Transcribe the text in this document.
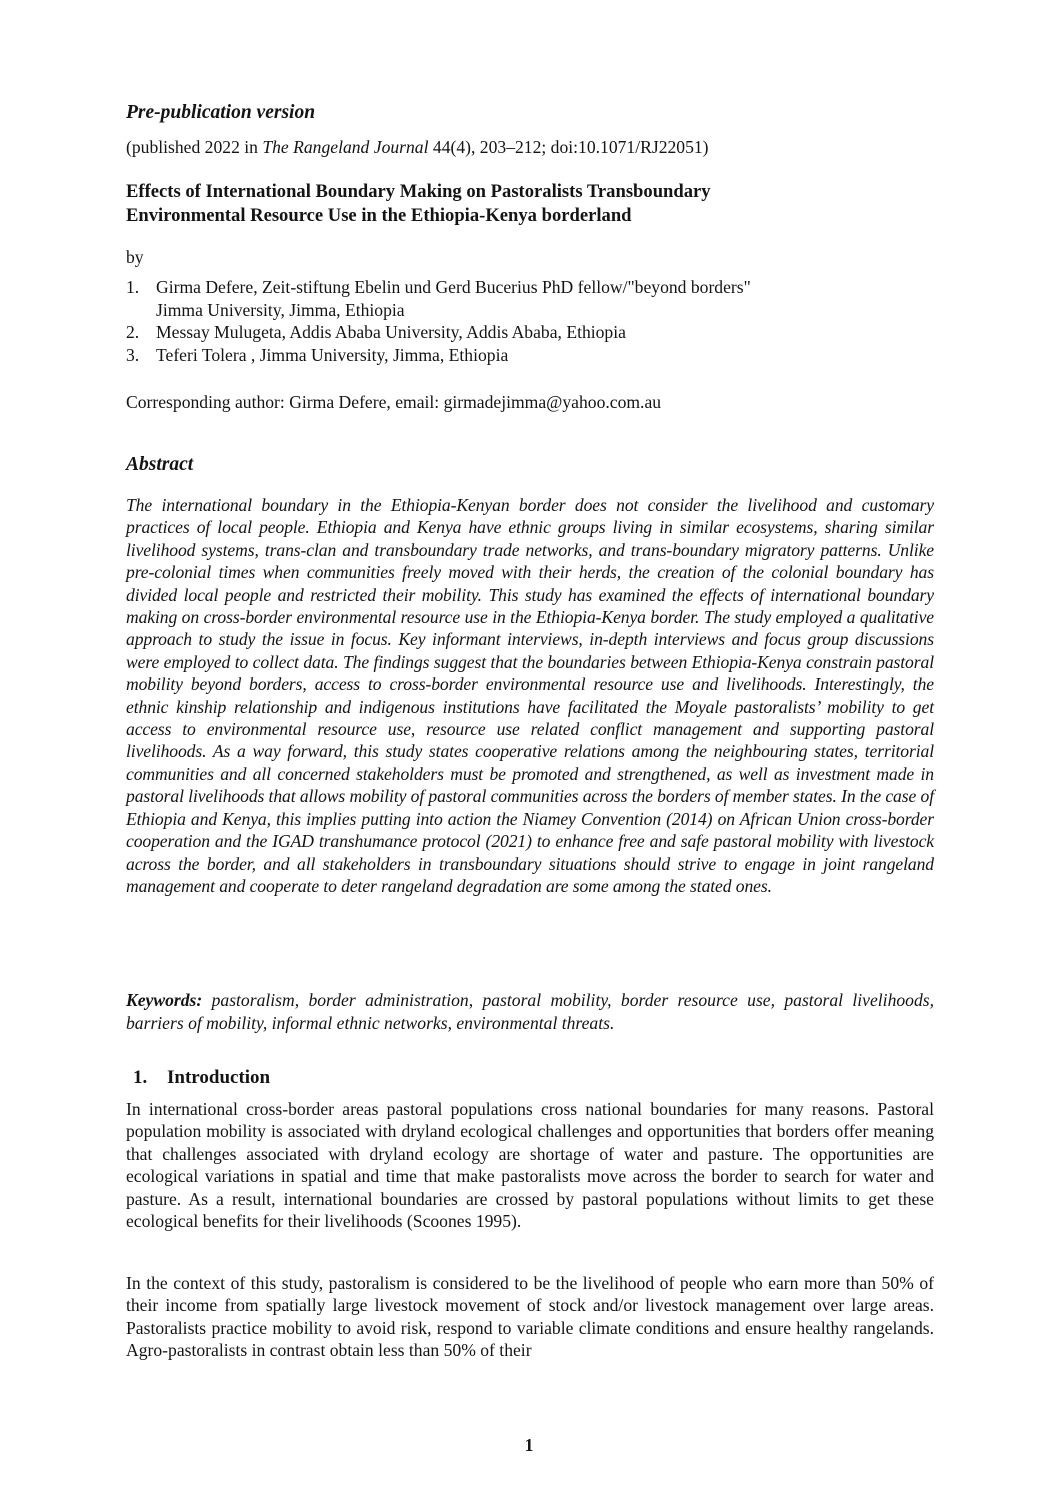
Pre-publication version

(published 2022 in The Rangeland Journal 44(4), 203–212; doi:10.1071/RJ22051)

Effects of International Boundary Making on Pastoralists Transboundary Environmental Resource Use in the Ethiopia-Kenya borderland

by

1. Girma Defere, Zeit-stiftung Ebelin und Gerd Bucerius PhD fellow/"beyond borders"
Jimma University, Jimma, Ethiopia
2. Messay Mulugeta, Addis Ababa University, Addis Ababa, Ethiopia
3. Teferi Tolera , Jimma University, Jimma, Ethiopia

Corresponding author: Girma Defere, email: girmadejimma@yahoo.com.au

Abstract

The international boundary in the Ethiopia-Kenyan border does not consider the livelihood and customary practices of local people. Ethiopia and Kenya have ethnic groups living in similar ecosystems, sharing similar livelihood systems, trans-clan and transboundary trade networks, and trans-boundary migratory patterns. Unlike pre-colonial times when communities freely moved with their herds, the creation of the colonial boundary has divided local people and restricted their mobility. This study has examined the effects of international boundary making on cross-border environmental resource use in the Ethiopia-Kenya border. The study employed a qualitative approach to study the issue in focus. Key informant interviews, in-depth interviews and focus group discussions were employed to collect data. The findings suggest that the boundaries between Ethiopia-Kenya constrain pastoral mobility beyond borders, access to cross-border environmental resource use and livelihoods. Interestingly, the ethnic kinship relationship and indigenous institutions have facilitated the Moyale pastoralists’ mobility to get access to environmental resource use, resource use related conflict management and supporting pastoral livelihoods. As a way forward, this study states cooperative relations among the neighbouring states, territorial communities and all concerned stakeholders must be promoted and strengthened, as well as investment made in pastoral livelihoods that allows mobility of pastoral communities across the borders of member states. In the case of Ethiopia and Kenya, this implies putting into action the Niamey Convention (2014) on African Union cross-border cooperation and the IGAD transhumance protocol (2021) to enhance free and safe pastoral mobility with livestock across the border, and all stakeholders in transboundary situations should strive to engage in joint rangeland management and cooperate to deter rangeland degradation are some among the stated ones.

Keywords: pastoralism, border administration, pastoral mobility, border resource use, pastoral livelihoods, barriers of mobility, informal ethnic networks, environmental threats.

1. Introduction

In international cross-border areas pastoral populations cross national boundaries for many reasons. Pastoral population mobility is associated with dryland ecological challenges and opportunities that borders offer meaning that challenges associated with dryland ecology are shortage of water and pasture. The opportunities are ecological variations in spatial and time that make pastoralists move across the border to search for water and pasture. As a result, international boundaries are crossed by pastoral populations without limits to get these ecological benefits for their livelihoods (Scoones 1995).

In the context of this study, pastoralism is considered to be the livelihood of people who earn more than 50% of their income from spatially large livestock movement of stock and/or livestock management over large areas. Pastoralists practice mobility to avoid risk, respond to variable climate conditions and ensure healthy rangelands. Agro-pastoralists in contrast obtain less than 50% of their

1
